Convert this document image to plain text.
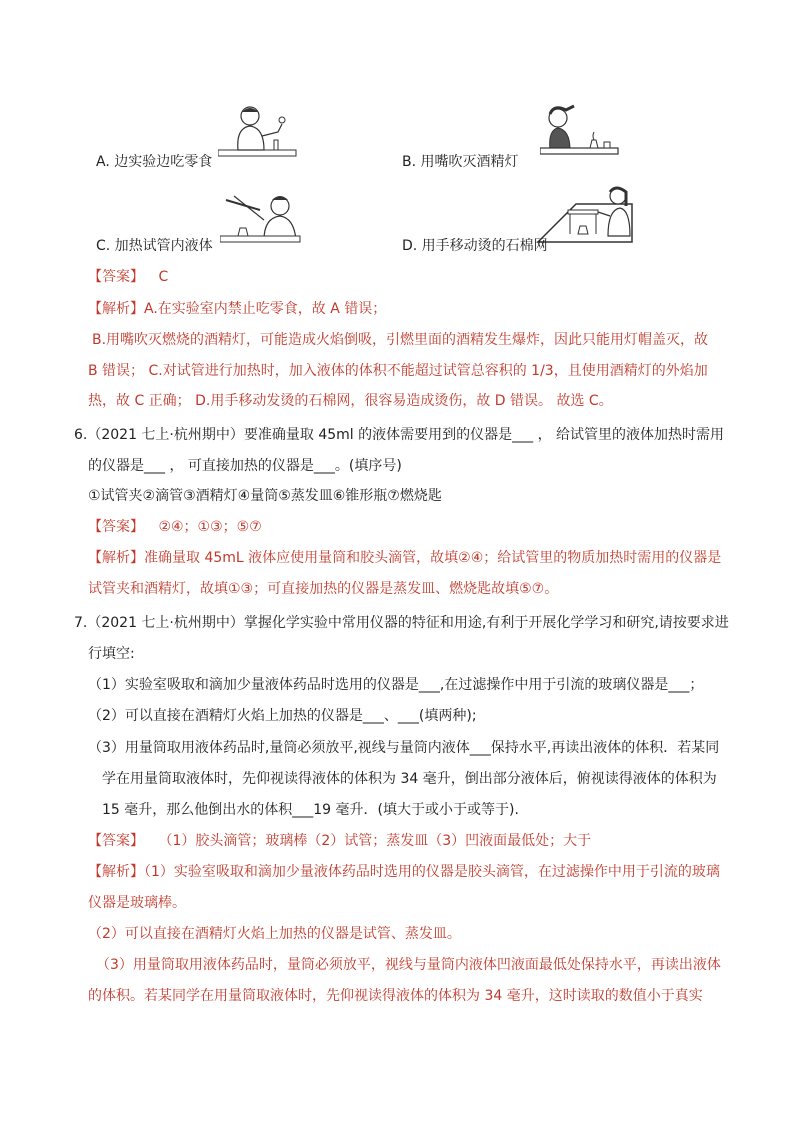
A. 边实验边吃零食	B. 用嘴吹灭酒精灯
C. 加热试管内液体	D. 用手移动烫的石棉网
【答案】 C
【解析】A.在实验室内禁止吃零食，故 A 错误；
B.用嘴吹灭燃烧的酒精灯，可能造成火焰倒吸，引燃里面的酒精发生爆炸，因此只能用灯帽盖灭，故
B 错误； C.对试管进行加热时，加入液体的体积不能超过试管总容积的 1/3，且使用酒精灯的外焰加
热，故 C 正确； D.用手移动发烫的石棉网，很容易造成烫伤，故 D 错误。 故选 C。
6.（2021 七上·杭州期中）要准确量取 45ml 的液体需要用到的仪器是___ ， 给试管里的液体加热时需用
的仪器是___ ， 可直接加热的仪器是___。(填序号)
①试管夹②滴管③酒精灯④量筒⑤蒸发皿⑥锥形瓶⑦燃烧匙
【答案】 ②④；①③；⑤⑦
【解析】准确量取 45mL 液体应使用量筒和胶头滴管，故填②④；给试管里的物质加热时需用的仪器是
试管夹和酒精灯，故填①③；可直接加热的仪器是蒸发皿、燃烧匙故填⑤⑦。
7.（2021 七上·杭州期中）掌握化学实验中常用仪器的特征和用途,有利于开展化学学习和研究,请按要求进
行填空:
（1）实验室吸取和滴加少量液体药品时选用的仪器是___,在过滤操作中用于引流的玻璃仪器是___；
（2）可以直接在酒精灯火焰上加热的仪器是___、___(填两种);
（3）用量筒取用液体药品时,量筒必须放平,视线与量筒内液体___保持水平,再读出液体的体积．若某同
学在用量筒取液体时，先仰视读得液体的体积为 34 毫升，倒出部分液体后，俯视读得液体的体积为
15 毫升，那么他倒出水的体积___19 毫升．(填大于或小于或等于).
【答案】 （1）胶头滴管；玻璃棒（2）试管；蒸发皿（3）凹液面最低处；大于
【解析】（1）实验室吸取和滴加少量液体药品时选用的仪器是胶头滴管，在过滤操作中用于引流的玻璃
仪器是玻璃棒。
（2）可以直接在酒精灯火焰上加热的仪器是试管、蒸发皿。
（3）用量筒取用液体药品时，量筒必须放平，视线与量筒内液体凹液面最低处保持水平，再读出液体
的体积。若某同学在用量筒取液体时，先仰视读得液体的体积为 34 毫升，这时读取的数值小于真实
